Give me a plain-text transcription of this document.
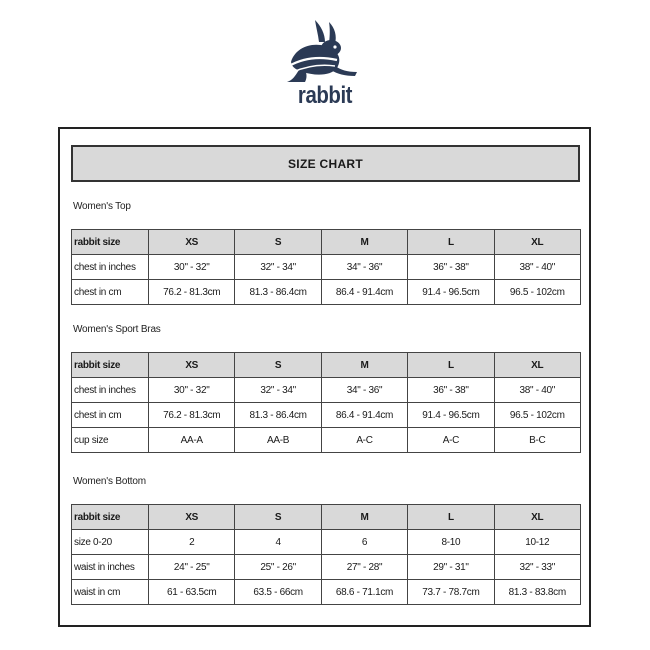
rabbit
SIZE CHART
Women's Top
rabbit size	XS	S	M	L	XL
chest in inches	30" - 32"	32" - 34"	34" - 36"	36" - 38"	38" - 40"
chest in cm	76.2 - 81.3cm	81.3 - 86.4cm	86.4 - 91.4cm	91.4 - 96.5cm	96.5 - 102cm
Women's Sport Bras
rabbit size	XS	S	M	L	XL
chest in inches	30" - 32"	32" - 34"	34" - 36"	36" - 38"	38" - 40"
chest in cm	76.2 - 81.3cm	81.3 - 86.4cm	86.4 - 91.4cm	91.4 - 96.5cm	96.5 - 102cm
cup size	AA-A	AA-B	A-C	A-C	B-C
Women's Bottom
rabbit size	XS	S	M	L	XL
size 0-20	2	4	6	8-10	10-12
waist in inches	24" - 25"	25" - 26"	27" - 28"	29" - 31"	32" - 33"
waist in cm	61 - 63.5cm	63.5 - 66cm	68.6 - 71.1cm	73.7 - 78.7cm	81.3 - 83.8cm
